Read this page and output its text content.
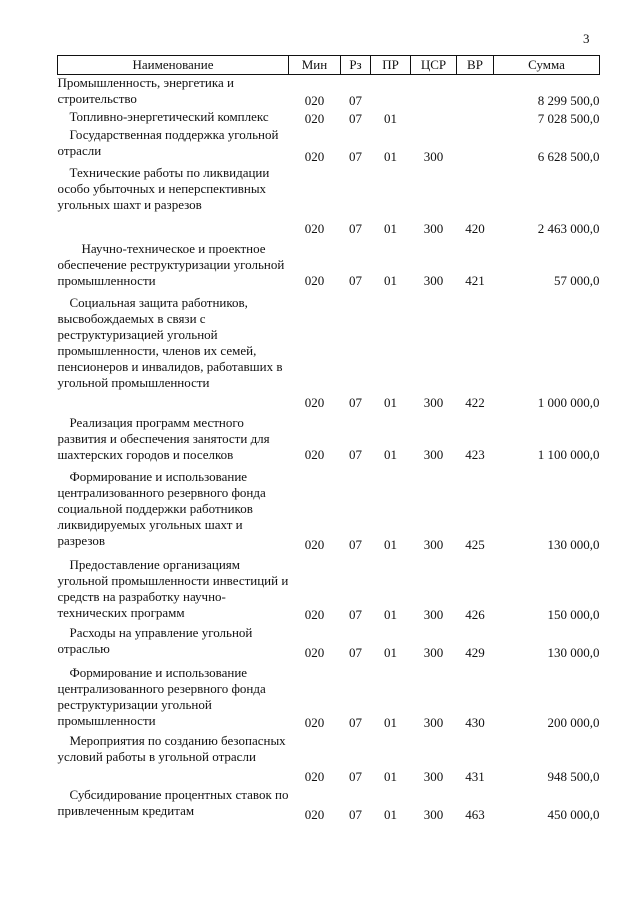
3
Наименование	Мин	Рз	ПР	ЦСР	ВР	Сумма

Промышленность, энергетика и строительство	020	07				8 299 500,0

Топливно-энергетический комплекс	020	07	01			7 028 500,0

Государственная поддержка угольной отрасли	020	07	01	300		6 628 500,0

Технические работы по ликвидации особо убыточных и неперспективных угольных шахт и разрезов	020	07	01	300	420	2 463 000,0

Научно-техническое и проектное обеспечение реструктуризации угольной промышленности	020	07	01	300	421	57 000,0

Социальная защита работников, высвобождаемых в связи с реструктуризацией угольной промышленности, членов их семей, пенсионеров и инвалидов, работавших в угольной промышленности	020	07	01	300	422	1 000 000,0

Реализация программ местного развития и обеспечения занятости для шахтерских городов и поселков	020	07	01	300	423	1 100 000,0

Формирование и использование централизованного резервного фонда социальной поддержки работников ликвидируемых угольных шахт и разрезов	020	07	01	300	425	130 000,0

Предоставление организациям угольной промышленности инвестиций и средств на разработку научно-технических программ	020	07	01	300	426	150 000,0

Расходы на управление угольной отраслью	020	07	01	300	429	130 000,0

Формирование и использование централизованного резервного фонда реструктуризации угольной промышленности	020	07	01	300	430	200 000,0

Мероприятия по созданию безопасных условий работы в угольной отрасли	020	07	01	300	431	948 500,0

Субсидирование процентных ставок по привлеченным кредитам	020	07	01	300	463	450 000,0
